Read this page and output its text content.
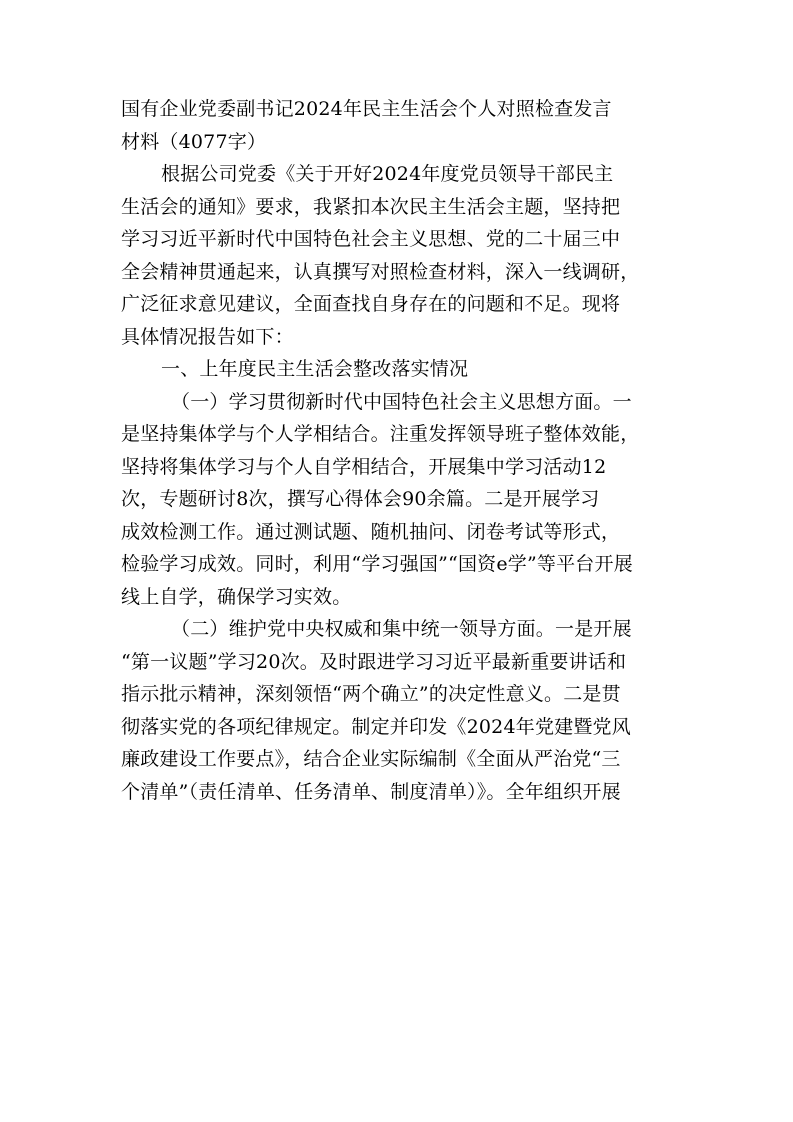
国有企业党委副书记2024年民主生活会个人对照检查发言
材料（4077字）
根据公司党委《关于开好2024年度党员领导干部民主
生活会的通知》要求，我紧扣本次民主生活会主题，坚持把
学习习近平新时代中国特色社会主义思想、党的二十届三中
全会精神贯通起来，认真撰写对照检查材料，深入一线调研，
广泛征求意见建议，全面查找自身存在的问题和不足。现将
具体情况报告如下：
一、上年度民主生活会整改落实情况
（一）学习贯彻新时代中国特色社会主义思想方面。一
是坚持集体学与个人学相结合。注重发挥领导班子整体效能，
坚持将集体学习与个人自学相结合，开展集中学习活动12
次，专题研讨8次，撰写心得体会90余篇。二是开展学习
成效检测工作。通过测试题、随机抽问、闭卷考试等形式，
检验学习成效。同时，利用“学习强国”“国资e学”等平台开展
线上自学，确保学习实效。
（二）维护党中央权威和集中统一领导方面。一是开展
“第一议题”学习20次。及时跟进学习习近平最新重要讲话和
指示批示精神，深刻领悟“两个确立”的决定性意义。二是贯
彻落实党的各项纪律规定。制定并印发《2024年党建暨党风
廉政建设工作要点》，结合企业实际编制《全面从严治党“三
个清单”（责任清单、任务清单、制度清单）》。全年组织开展
